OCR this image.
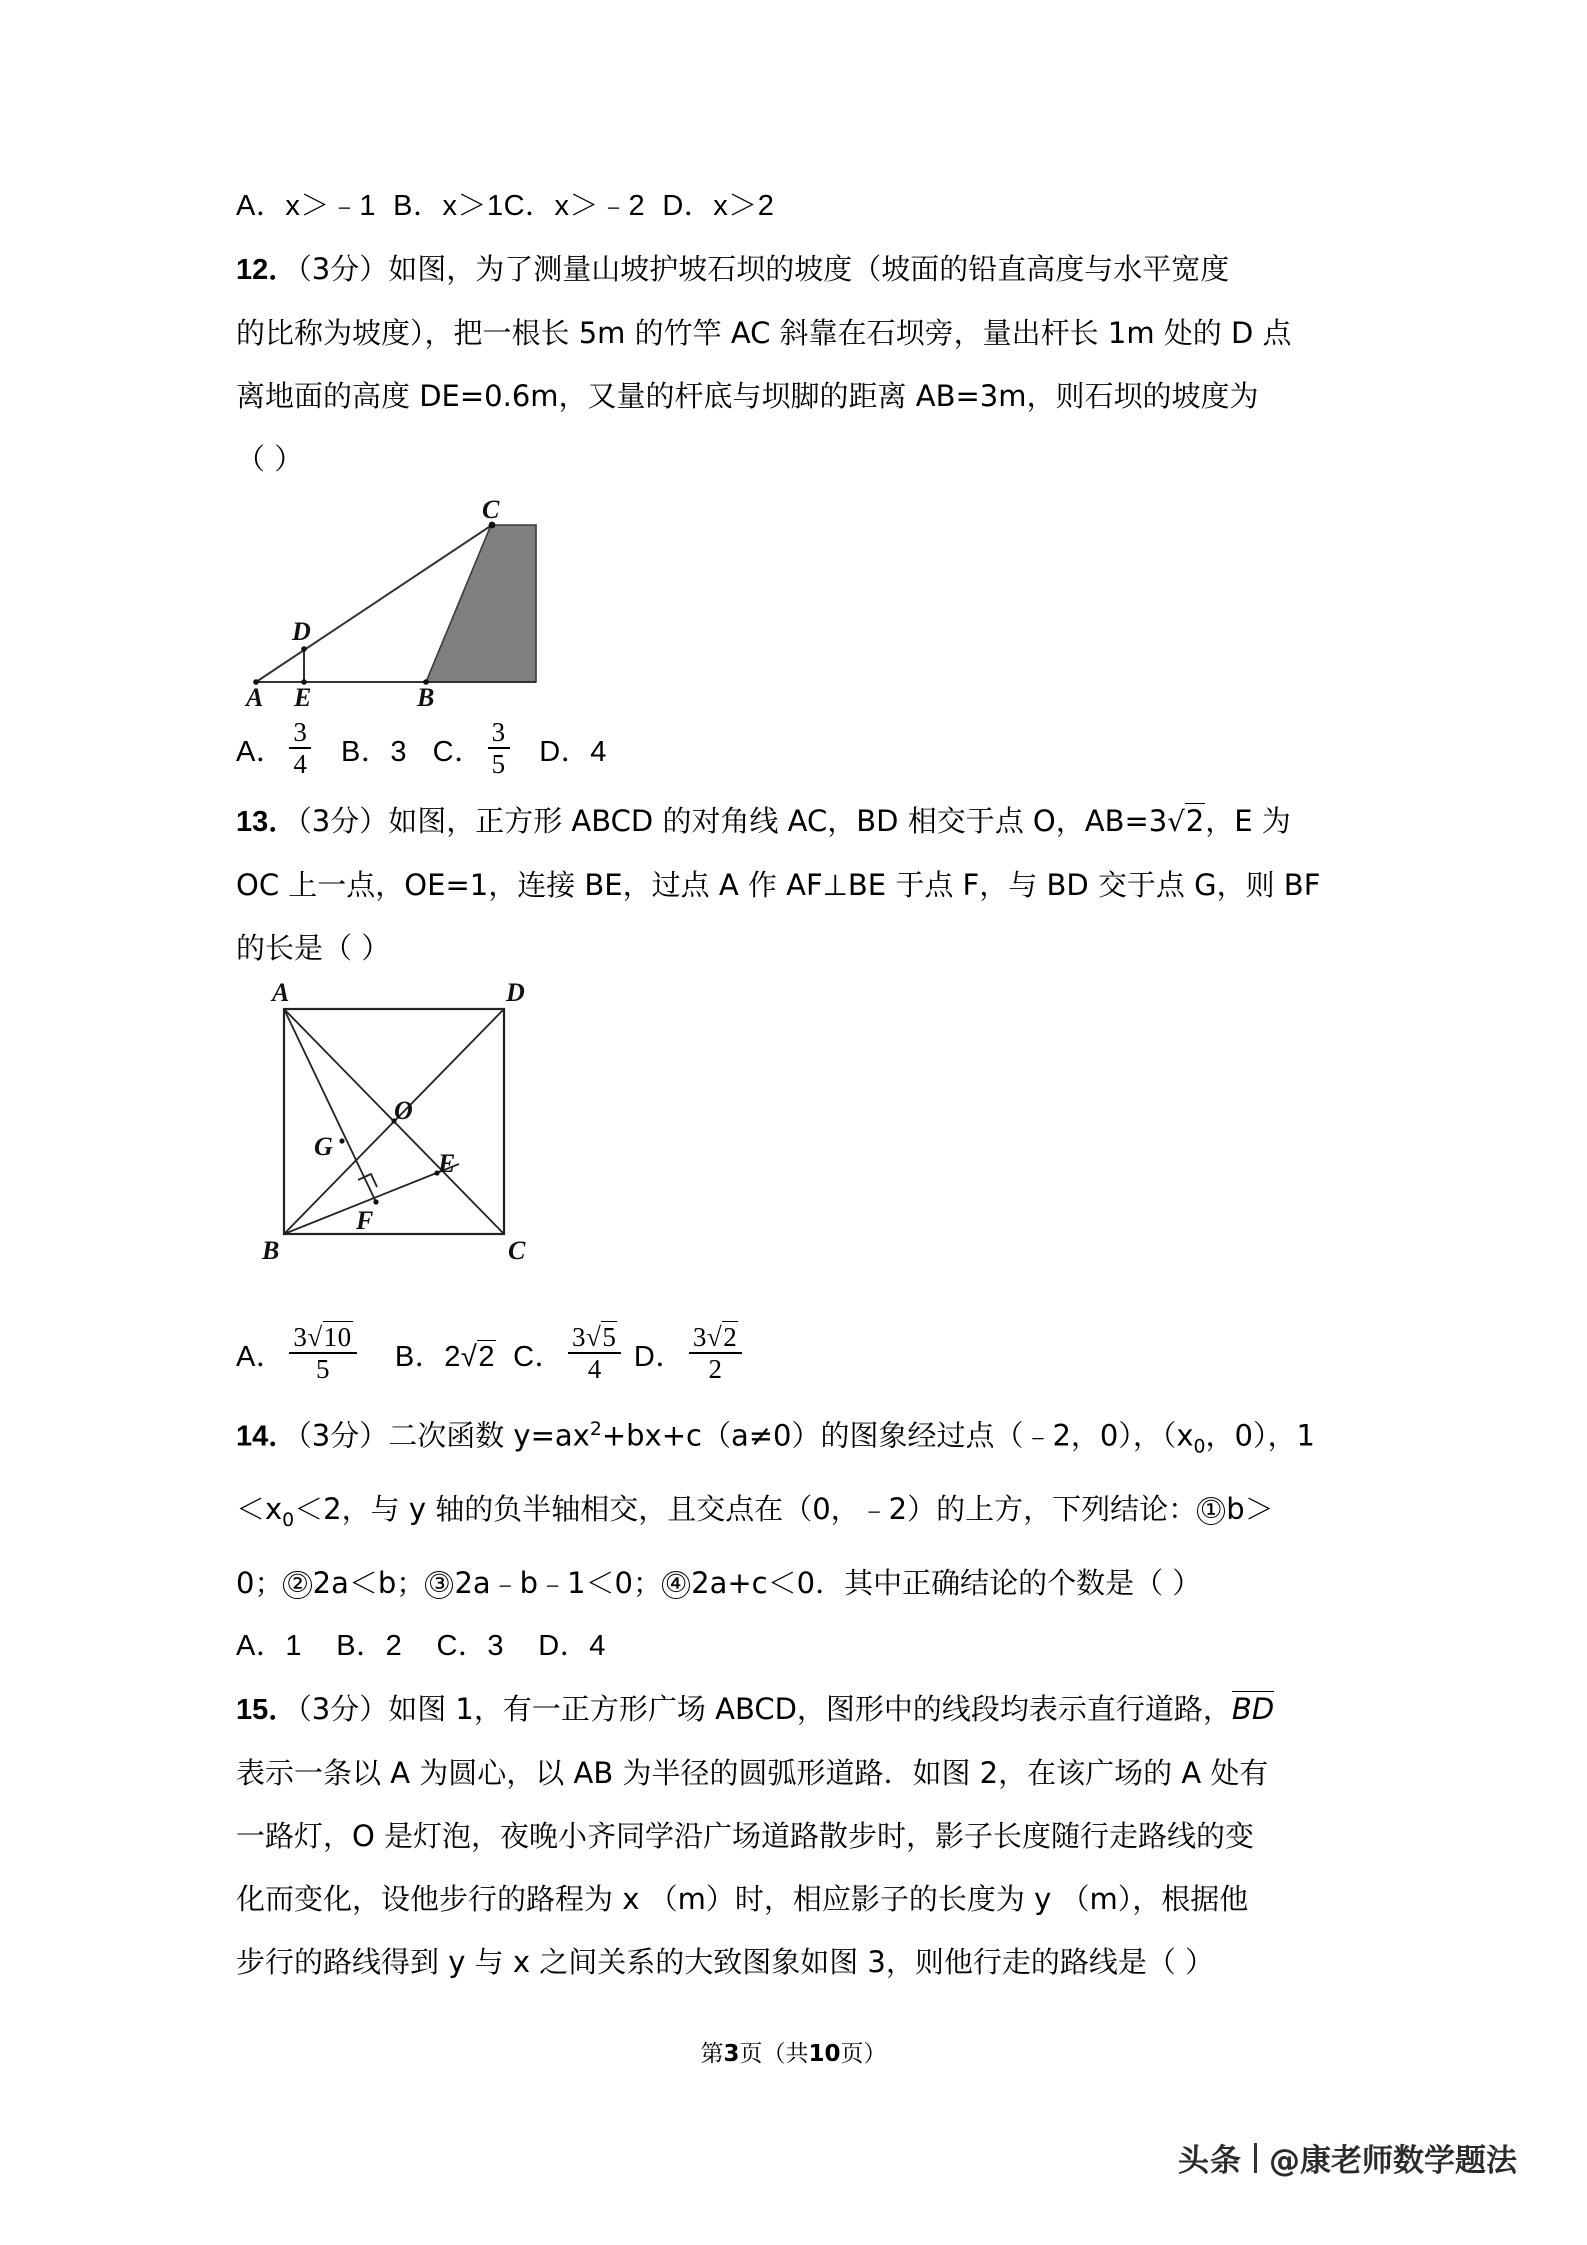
A．x＞﹣1 B．x＞1C．x＞﹣2 D．x＞2
12．（3分）如图，为了测量山坡护坡石坝的坡度（坡面的铅直高度与水平宽度
的比称为坡度），把一根长 5m 的竹竿 AC 斜靠在石坝旁，量出杆长 1m 处的 D 点
离地面的高度 DE=0.6m，又量的杆底与坝脚的距离 AB=3m，则石坝的坡度为
（ ）
A E	B
C
D
A． $\frac{3}{4}$ B．3 C． $\frac{3}{5}$ D．4
13．（3分）如图，正方形 ABCD 的对角线 AC，BD 相交于点 O，AB=3√2，E 为
OC 上一点，OE=1，连接 BE，过点 A 作 AF⊥BE 于点 F，与 BD 交于点 G，则 BF
的长是（ ）
A	D
O
G
E
F
B	C
A． $\frac{3√10}{5}$ B．2√2 C． $\frac{3√5}{4}$ D． $\frac{3√2}{2}$
14．（3分）二次函数 $y=ax^2+bx+c(a\ne 0)$的图象经过点（﹣2，0），（$x_0$，0），1
$<x_0<2$，与 y 轴的负半轴相交，且交点在（0，﹣2）的上方，下列结论： ① b＞
0； ② 2a＜b； ③ 2a﹣b﹣1＜0； ④ 2a+c＜0．其中正确结论的个数是（ ）
A．1 B．2 C．3 D．4
15．（3分）如图 1，有一正方形广场 ABCD，图形中的线段均表示直行道路，BD
表示一条以 A 为圆心，以 AB 为半径的圆弧形道路．如图 2，在该广场的 A 处有
一路灯，O 是灯泡，夜晚小齐同学沿广场道路散步时，影子长度随行走路线的变
化而变化，设他步行的路程为 x （m）时，相应影子的长度为 y （m），根据他
步行的路线得到 y 与 x 之间关系的大致图象如图 3，则他行走的路线是（ ）
第3页（共10页）
头条 @康老师数学题法
